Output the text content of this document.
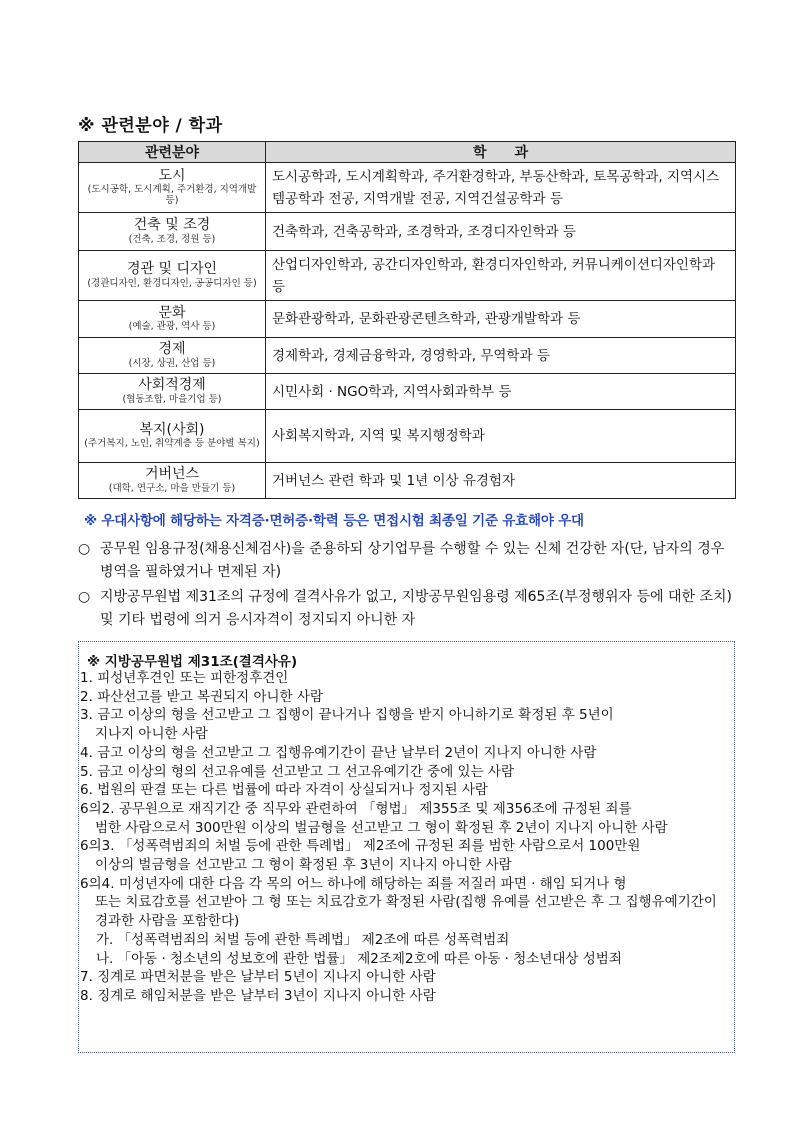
※ 관련분야 / 학과
관련분야	학　　과

도시
(도시공학, 도시계획, 주거환경, 지역개발 등)	도시공학과, 도시계획학과, 주거환경학과, 부동산학과, 토목공학과, 지역시스템공학과 전공, 지역개발 전공, 지역건설공학과 등

건축 및 조경
(건축, 조경, 정원 등)	건축학과, 건축공학과, 조경학과, 조경디자인학과 등

경관 및 디자인
(경관디자인, 환경디자인, 공공디자인 등)	산업디자인학과, 공간디자인학과, 환경디자인학과, 커뮤니케이션디자인학과 등

문화
(예술, 관광, 역사 등)	문화관광학과, 문화관광콘텐츠학과, 관광개발학과 등

경제
(시장, 상권, 산업 등)	경제학과, 경제금융학과, 경영학과, 무역학과 등

사회적경제
(협동조합, 마을기업 등)	시민사회 · NGO학과, 지역사회과학부 등

복지(사회)
(주거복지, 노인, 취약계층 등 분야별 복지)	사회복지학과, 지역 및 복지행정학과

거버넌스
(대학, 연구소, 마을 만들기 등)	거버넌스 관련 학과 및 1년 이상 유경험자
※ 우대사항에 해당하는 자격증·면허증·학력 등은 면접시험 최종일 기준 유효해야 우대
○ 공무원 임용규정(채용신체검사)을 준용하되 상기업무를 수행할 수 있는 신체 건강한 자(단, 남자의 경우 병역을 필하였거나 면제된 자)
○ 지방공무원법 제31조의 규정에 결격사유가 없고, 지방공무원임용령 제65조(부정행위자 등에 대한 조치) 및 기타 법령에 의거 응시자격이 정지되지 아니한 자
※ 지방공무원법 제31조(결격사유)
1. 피성년후견인 또는 피한정후견인
2. 파산선고를 받고 복권되지 아니한 사람
3. 금고 이상의 형을 선고받고 그 집행이 끝나거나 집행을 받지 아니하기로 확정된 후 5년이
지나지 아니한 사람
4. 금고 이상의 형을 선고받고 그 집행유예기간이 끝난 날부터 2년이 지나지 아니한 사람
5. 금고 이상의 형의 선고유예를 선고받고 그 선고유예기간 중에 있는 사람
6. 법원의 판결 또는 다른 법률에 따라 자격이 상실되거나 정지된 사람
6의2. 공무원으로 재직기간 중 직무와 관련하여 「형법」 제355조 및 제356조에 규정된 죄를
범한 사람으로서 300만원 이상의 벌금형을 선고받고 그 형이 확정된 후 2년이 지나지 아니한 사람
6의3. 「성폭력범죄의 처벌 등에 관한 특례법」 제2조에 규정된 죄를 범한 사람으로서 100만원
이상의 벌금형을 선고받고 그 형이 확정된 후 3년이 지나지 아니한 사람
6의4. 미성년자에 대한 다음 각 목의 어느 하나에 해당하는 죄를 저질러 파면 · 해임 되거나 형
또는 치료감호를 선고받아 그 형 또는 치료감호가 확정된 사람(집행 유예를 선고받은 후 그 집행유예기간이 경과한 사람을 포함한다)
가. 「성폭력범죄의 처벌 등에 관한 특례법」 제2조에 따른 성폭력범죄
나. 「아동 · 청소년의 성보호에 관한 법률」 제2조제2호에 따른 아동 · 청소년대상 성범죄
7. 징계로 파면처분을 받은 날부터 5년이 지나지 아니한 사람
8. 징계로 해임처분을 받은 날부터 3년이 지나지 아니한 사람
